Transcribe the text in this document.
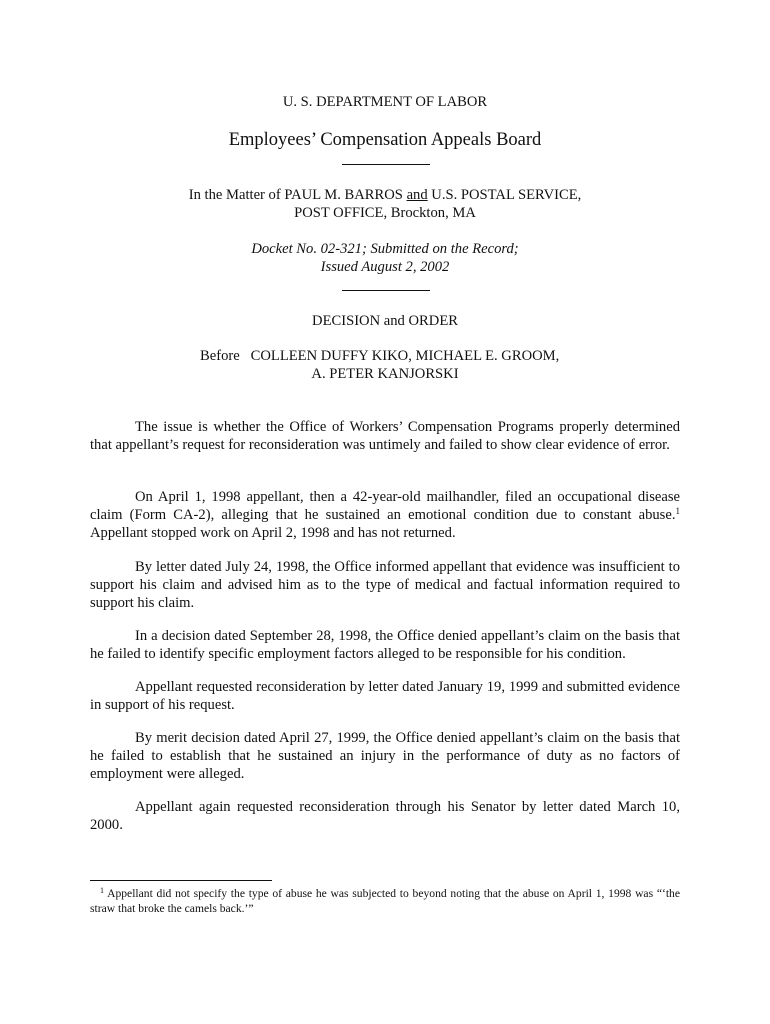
U. S. DEPARTMENT OF LABOR
Employees’ Compensation Appeals Board
In the Matter of PAUL M. BARROS and U.S. POSTAL SERVICE,
POST OFFICE, Brockton, MA
Docket No. 02-321; Submitted on the Record;
Issued August 2, 2002
DECISION and ORDER
Before   COLLEEN DUFFY KIKO, MICHAEL E. GROOM,
A. PETER KANJORSKI

The issue is whether the Office of Workers’ Compensation Programs properly determined that appellant’s request for reconsideration was untimely and failed to show clear evidence of error.

On April 1, 1998 appellant, then a 42-year-old mailhandler, filed an occupational disease claim (Form CA-2), alleging that he sustained an emotional condition due to constant abuse.$^1$ Appellant stopped work on April 2, 1998 and has not returned.

By letter dated July 24, 1998, the Office informed appellant that evidence was insufficient to support his claim and advised him as to the type of medical and factual information required to support his claim.

In a decision dated September 28, 1998, the Office denied appellant’s claim on the basis that he failed to identify specific employment factors alleged to be responsible for his condition.

Appellant requested reconsideration by letter dated January 19, 1999 and submitted evidence in support of his request.

By merit decision dated April 27, 1999, the Office denied appellant’s claim on the basis that he failed to establish that he sustained an injury in the performance of duty as no factors of employment were alleged.

Appellant again requested reconsideration through his Senator by letter dated March 10, 2000.

$^1$ Appellant did not specify the type of abuse he was subjected to beyond noting that the abuse on April 1, 1998 was “‘the straw that broke the camels back.’”
